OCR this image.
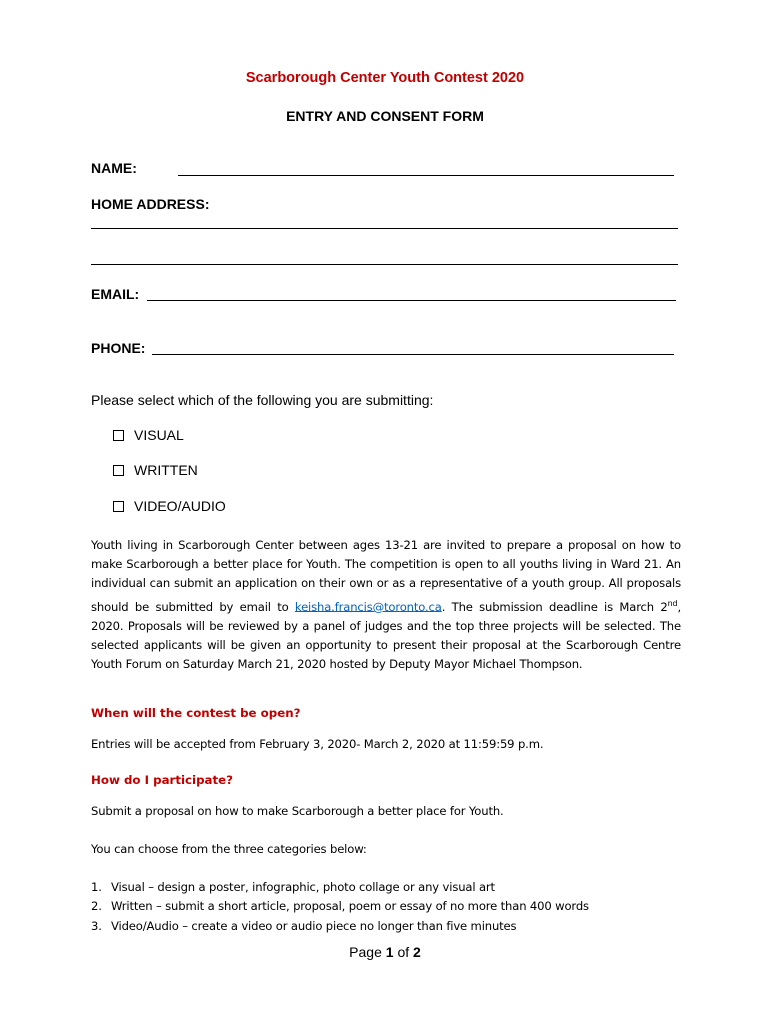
Scarborough Center Youth Contest 2020
ENTRY AND CONSENT FORM
NAME:
HOME ADDRESS:
EMAIL:
PHONE:
Please select which of the following you are submitting:
VISUAL
WRITTEN
VIDEO/AUDIO
Youth living in Scarborough Center between ages 13-21 are invited to prepare a proposal on how to make Scarborough a better place for Youth. The competition is open to all youths living in Ward 21. An individual can submit an application on their own or as a representative of a youth group. All proposals should be submitted by email to keisha.francis@toronto.ca. The submission deadline is March 2nd, 2020. Proposals will be reviewed by a panel of judges and the top three projects will be selected. The selected applicants will be given an opportunity to present their proposal at the Scarborough Centre Youth Forum on Saturday March 21, 2020 hosted by Deputy Mayor Michael Thompson.
When will the contest be open?
Entries will be accepted from February 3, 2020- March 2, 2020 at 11:59:59 p.m.
How do I participate?
Submit a proposal on how to make Scarborough a better place for Youth.
You can choose from the three categories below:
1. Visual – design a poster, infographic, photo collage or any visual art
2. Written – submit a short article, proposal, poem or essay of no more than 400 words
3. Video/Audio – create a video or audio piece no longer than five minutes
Page 1 of 2
